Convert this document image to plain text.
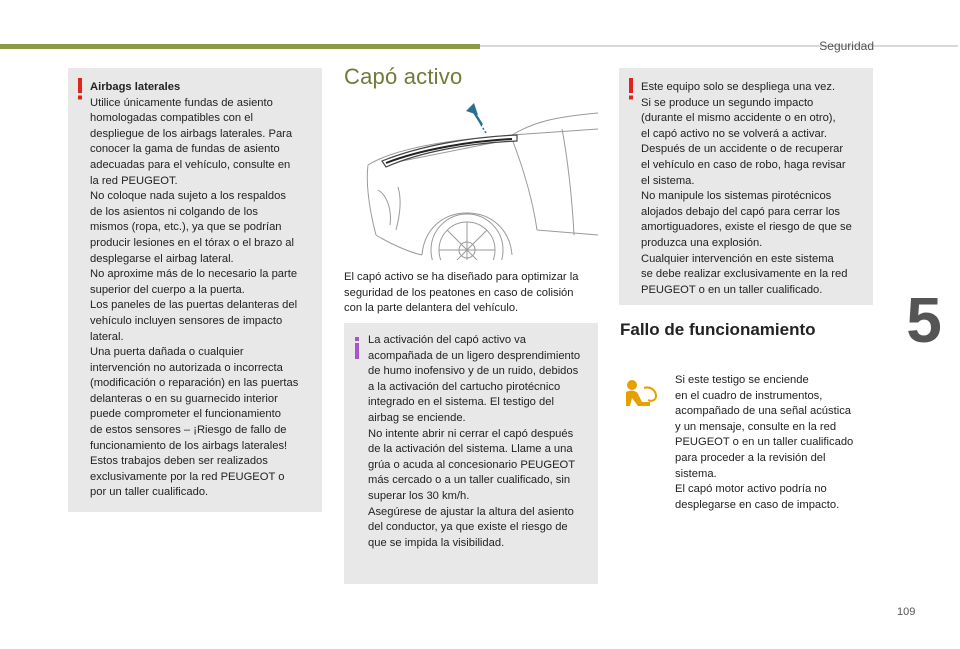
Seguridad
5
Airbags laterales
Utilice únicamente fundas de asiento
homologadas compatibles con el
despliegue de los airbags laterales. Para
conocer la gama de fundas de asiento
adecuadas para el vehículo, consulte en
la red PEUGEOT.
No coloque nada sujeto a los respaldos
de los asientos ni colgando de los
mismos (ropa, etc.), ya que se podrían
producir lesiones en el tórax o el brazo al
desplegarse el airbag lateral.
No aproxime más de lo necesario la parte
superior del cuerpo a la puerta.
Los paneles de las puertas delanteras del
vehículo incluyen sensores de impacto
lateral.
Una puerta dañada o cualquier
intervención no autorizada o incorrecta
(modificación o reparación) en las puertas
delanteras o en su guarnecido interior
puede comprometer el funcionamiento
de estos sensores – ¡Riesgo de fallo de
funcionamiento de los airbags laterales!
Estos trabajos deben ser realizados
exclusivamente por la red PEUGEOT o
por un taller cualificado.
Capó activo
El capó activo se ha diseñado para optimizar la
seguridad de los peatones en caso de colisión
con la parte delantera del vehículo.
La activación del capó activo va
acompañada de un ligero desprendimiento
de humo inofensivo y de un ruido, debidos
a la activación del cartucho pirotécnico
integrado en el sistema. El testigo del
airbag se enciende.
No intente abrir ni cerrar el capó después
de la activación del sistema. Llame a una
grúa o acuda al concesionario PEUGEOT
más cercado o a un taller cualificado, sin
superar los 30 km/h.
Asegúrese de ajustar la altura del asiento
del conductor, ya que existe el riesgo de
que se impida la visibilidad.
Este equipo solo se despliega una vez.
Si se produce un segundo impacto
(durante el mismo accidente o en otro),
el capó activo no se volverá a activar.
Después de un accidente o de recuperar
el vehículo en caso de robo, haga revisar
el sistema.
No manipule los sistemas pirotécnicos
alojados debajo del capó para cerrar los
amortiguadores, existe el riesgo de que se
produzca una explosión.
Cualquier intervención en este sistema
se debe realizar exclusivamente en la red
PEUGEOT o en un taller cualificado.
Fallo de funcionamiento
Si este testigo se enciende
en el cuadro de instrumentos,
acompañado de una señal acústica
y un mensaje, consulte en la red
PEUGEOT o en un taller cualificado
para proceder a la revisión del
sistema.
El capó motor activo podría no
desplegarse en caso de impacto.
109
